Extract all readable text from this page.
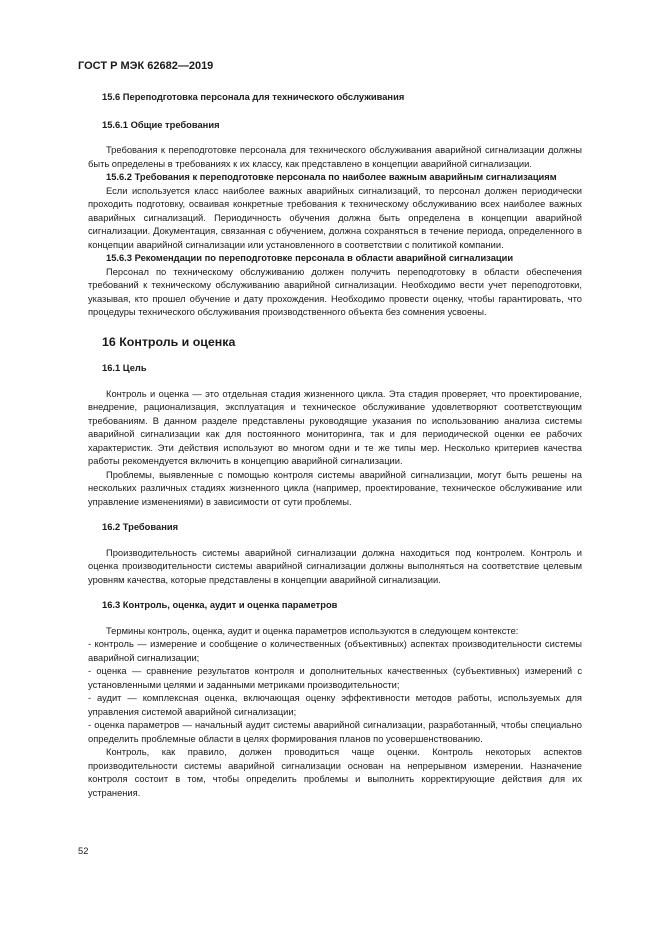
ГОСТ Р МЭК 62682—2019
15.6 Переподготовка персонала для технического обслуживания
15.6.1 Общие требования

Требования к переподготовке персонала для технического обслуживания аварийной сигнализации должны быть определены в требованиях к их классу, как представлено в концепции аварийной сигнализации.

15.6.2 Требования к переподготовке персонала по наиболее важным аварийным сигнализациям

Если используется класс наиболее важных аварийных сигнализаций, то персонал должен периодически проходить подготовку, осваивая конкретные требования к техническому обслуживанию всех наиболее важных аварийных сигнализаций. Периодичность обучения должна быть определена в концепции аварийной сигнализации. Документация, связанная с обучением, должна сохраняться в течение периода, определенного в концепции аварийной сигнализации или установленного в соответствии с политикой компании.

15.6.3 Рекомендации по переподготовке персонала в области аварийной сигнализации

Персонал по техническому обслуживанию должен получить переподготовку в области обеспечения требований к техническому обслуживанию аварийной сигнализации. Необходимо вести учет переподготовки, указывая, кто прошел обучение и дату прохождения. Необходимо провести оценку, чтобы гарантировать, что процедуры технического обслуживания производственного объекта без сомнения усвоены.

16 Контроль и оценка
16.1 Цель

Контроль и оценка — это отдельная стадия жизненного цикла. Эта стадия проверяет, что проектирование, внедрение, рационализация, эксплуатация и техническое обслуживание удовлетворяют соответствующим требованиям. В данном разделе представлены руководящие указания по использованию анализа системы аварийной сигнализации как для постоянного мониторинга, так и для периодической оценки ее рабочих характеристик. Эти действия используют во многом одни и те же типы мер. Несколько критериев качества работы рекомендуется включить в концепцию аварийной сигнализации.

Проблемы, выявленные с помощью контроля системы аварийной сигнализации, могут быть решены на нескольких различных стадиях жизненного цикла (например, проектирование, техническое обслуживание или управление изменениями) в зависимости от сути проблемы.

16.2 Требования

Производительность системы аварийной сигнализации должна находиться под контролем. Контроль и оценка производительности системы аварийной сигнализации должны выполняться на соответствие целевым уровням качества, которые представлены в концепции аварийной сигнализации.

16.3 Контроль, оценка, аудит и оценка параметров

Термины контроль, оценка, аудит и оценка параметров используются в следующем контексте:

- контроль — измерение и сообщение о количественных (объективных) аспектах производительности системы аварийной сигнализации;

- оценка — сравнение результатов контроля и дополнительных качественных (субъективных) измерений с установленными целями и заданными метриками производительности;

- аудит — комплексная оценка, включающая оценку эффективности методов работы, используемых для управления системой аварийной сигнализации;

- оценка параметров — начальный аудит системы аварийной сигнализации, разработанный, чтобы специально определить проблемные области в целях формирования планов по усовершенствованию.

Контроль, как правило, должен проводиться чаще оценки. Контроль некоторых аспектов производительности системы аварийной сигнализации основан на непрерывном измерении. Назначение контроля состоит в том, чтобы определить проблемы и выполнить корректирующие действия для их устранения.

52
